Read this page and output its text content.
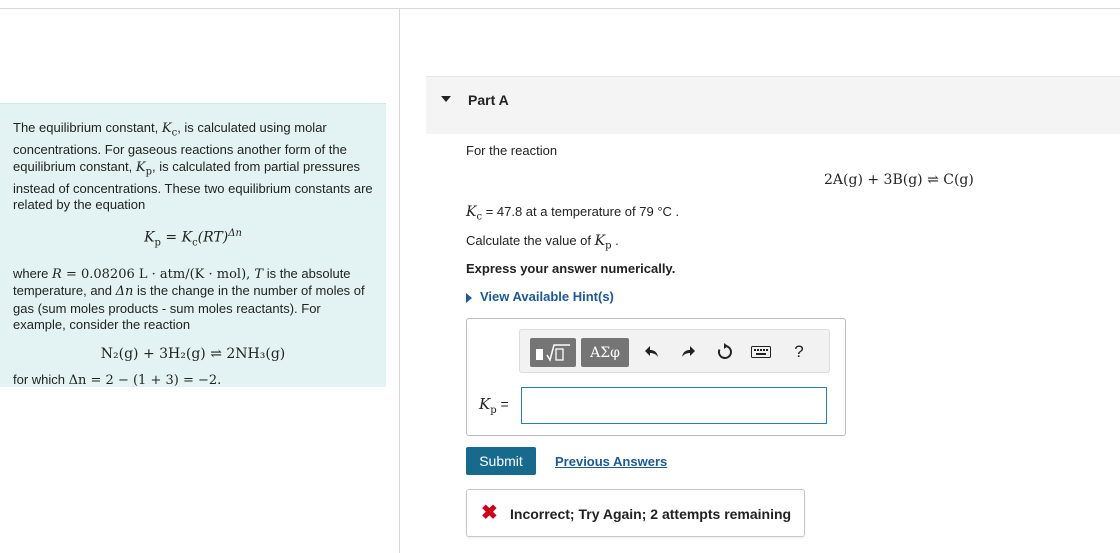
The equilibrium constant, $K_c$, is calculated using molar concentrations. For gaseous reactions another form of the equilibrium constant, $K_p$, is calculated from partial pressures instead of concentrations. These two equilibrium constants are related by the equation

$K_p = K_c(RT)^{\Delta n}$

where R = 0.08206 L · atm/(K · mol), T is the absolute temperature, and Δn is the change in the number of moles of gas (sum moles products - sum moles reactants). For example, consider the reaction

N₂(g) + 3H₂(g) ⇌ 2NH₃(g)

for which Δn = 2 − (1 + 3) = −2.

Part A
For the reaction
2A(g) + 3B(g) ⇌ C(g)
$K_c = 47.8$ at a temperature of 79 °C .
Calculate the value of $K_p$ .
Express your answer numerically.
View Available Hint(s)
ΑΣφ	?
$K_p$ =
Submit	Previous Answers
✖ Incorrect; Try Again; 2 attempts remaining
